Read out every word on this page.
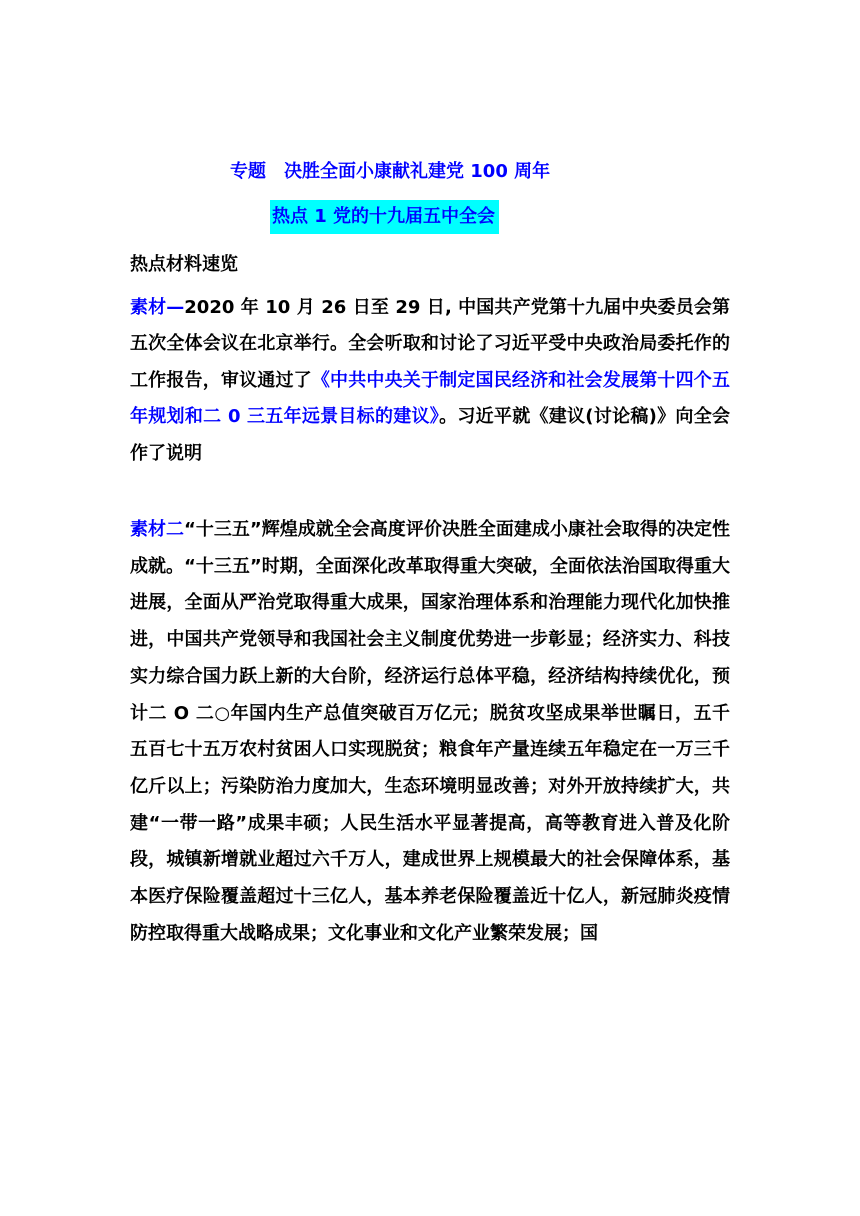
专题 决胜全面小康献礼建党 100 周年
热点 1 党的十九届五中全会
热点材料速览
素材—2020 年 10 月 26 日至 29 日, 中国共产党第十九届中央委员会第五次全体会议在北京举行。全会听取和讨论了习近平受中央政治局委托作的工作报告，审议通过了《中共中央关于制定国民经济和社会发展第十四个五年规划和二 0 三五年远景目标的建议》。习近平就《建议(讨论稿)》向全会作了说明
素材二“十三五”辉煌成就全会高度评价决胜全面建成小康社会取得的决定性成就。“十三五”时期，全面深化改革取得重大突破，全面依法治国取得重大进展，全面从严治党取得重大成果，国家治理体系和治理能力现代化加快推进，中国共产党领导和我国社会主义制度优势进一步彰显；经济实力、科技实力综合国力跃上新的大台阶，经济运行总体平稳，经济结构持续优化，预计二 O 二○年国内生产总值突破百万亿元；脱贫攻坚成果举世瞩日，五千五百七十五万农村贫困人口实现脱贫；粮食年产量连续五年稳定在一万三千亿斤以上；污染防治力度加大，生态环境明显改善；对外开放持续扩大，共建“一带一路”成果丰硕；人民生活水平显著提高，高等教育进入普及化阶段，城镇新增就业超过六千万人，建成世界上规模最大的社会保障体系，基本医疗保险覆盖超过十三亿人，基本养老保险覆盖近十亿人，新冠肺炎疫情防控取得重大战略成果；文化事业和文化产业繁荣发展；国
